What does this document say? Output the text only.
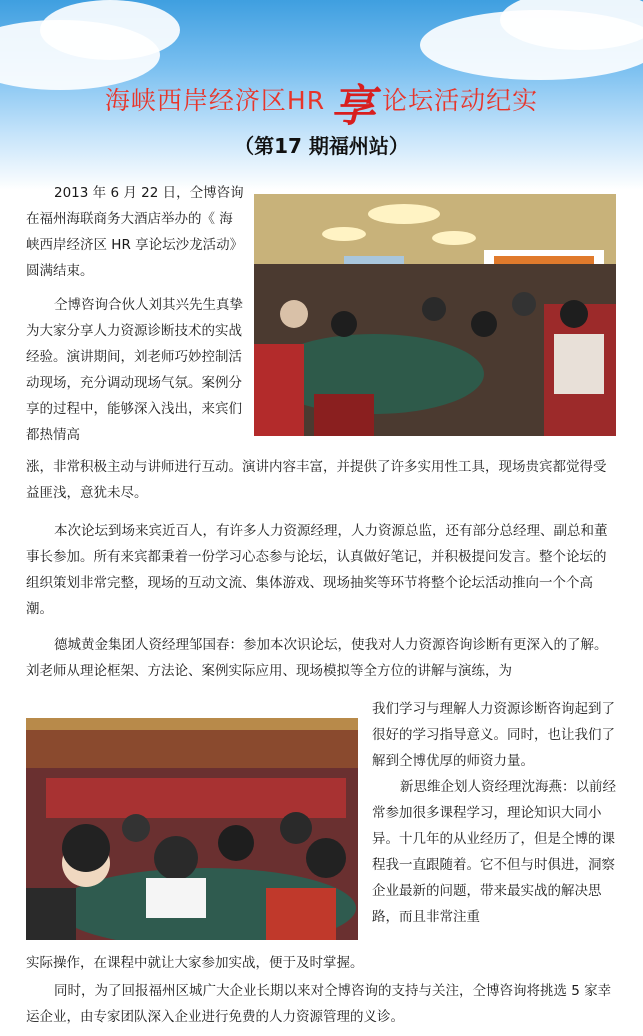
海峡西岸经济区HR 享 论坛活动纪实
（第17 期福州站）

2013 年 6 月 22 日，仝博咨询在福州海联商务大酒店举办的《 海峡西岸经济区 HR 享论坛沙龙活动》 圆满结束。

仝博咨询合伙人刘其兴先生真挚为大家分享人力资源诊断技术的实战经验。演讲期间，刘老师巧妙控制活动现场，充分调动现场气氛。案例分享的过程中，能够深入浅出，来宾们都热情高

涨，非常积极主动与讲师进行互动。演讲内容丰富，并提供了许多实用性工具，现场贵宾都觉得受益匪浅，意犹未尽。

本次论坛到场来宾近百人，有许多人力资源经理，人力资源总监，还有部分总经理、副总和董事长参加。所有来宾都秉着一份学习心态参与论坛，认真做好笔记，并积极提问发言。整个论坛的组织策划非常完整，现场的互动文流、集体游戏、现场抽奖等环节将整个论坛活动推向一个个高潮。

德城黄金集团人资经理邹国春：参加本次识论坛，使我对人力资源咨询诊断有更深入的了解。刘老师从理论框架、方法论、案例实际应用、现场模拟等全方位的讲解与演练，为

我们学习与理解人力资源诊断咨询起到了很好的学习指导意义。同时，也让我们了解到仝博优厚的师资力量。

新思维企划人资经理沈海燕：以前经常参加很多课程学习，理论知识大同小异。十几年的从业经历了，但是仝博的课程我一直跟随着。它不但与时俱进，洞察企业最新的问题，带来最实战的解决思路，而且非常注重

实际操作，在课程中就让大家参加实战，便于及时掌握。

同时，为了回报福州区城广大企业长期以来对仝博咨询的支持与关注，仝博咨询将挑选 5 家幸运企业，由专家团队深入企业进行免费的人力资源管理的义诊。
